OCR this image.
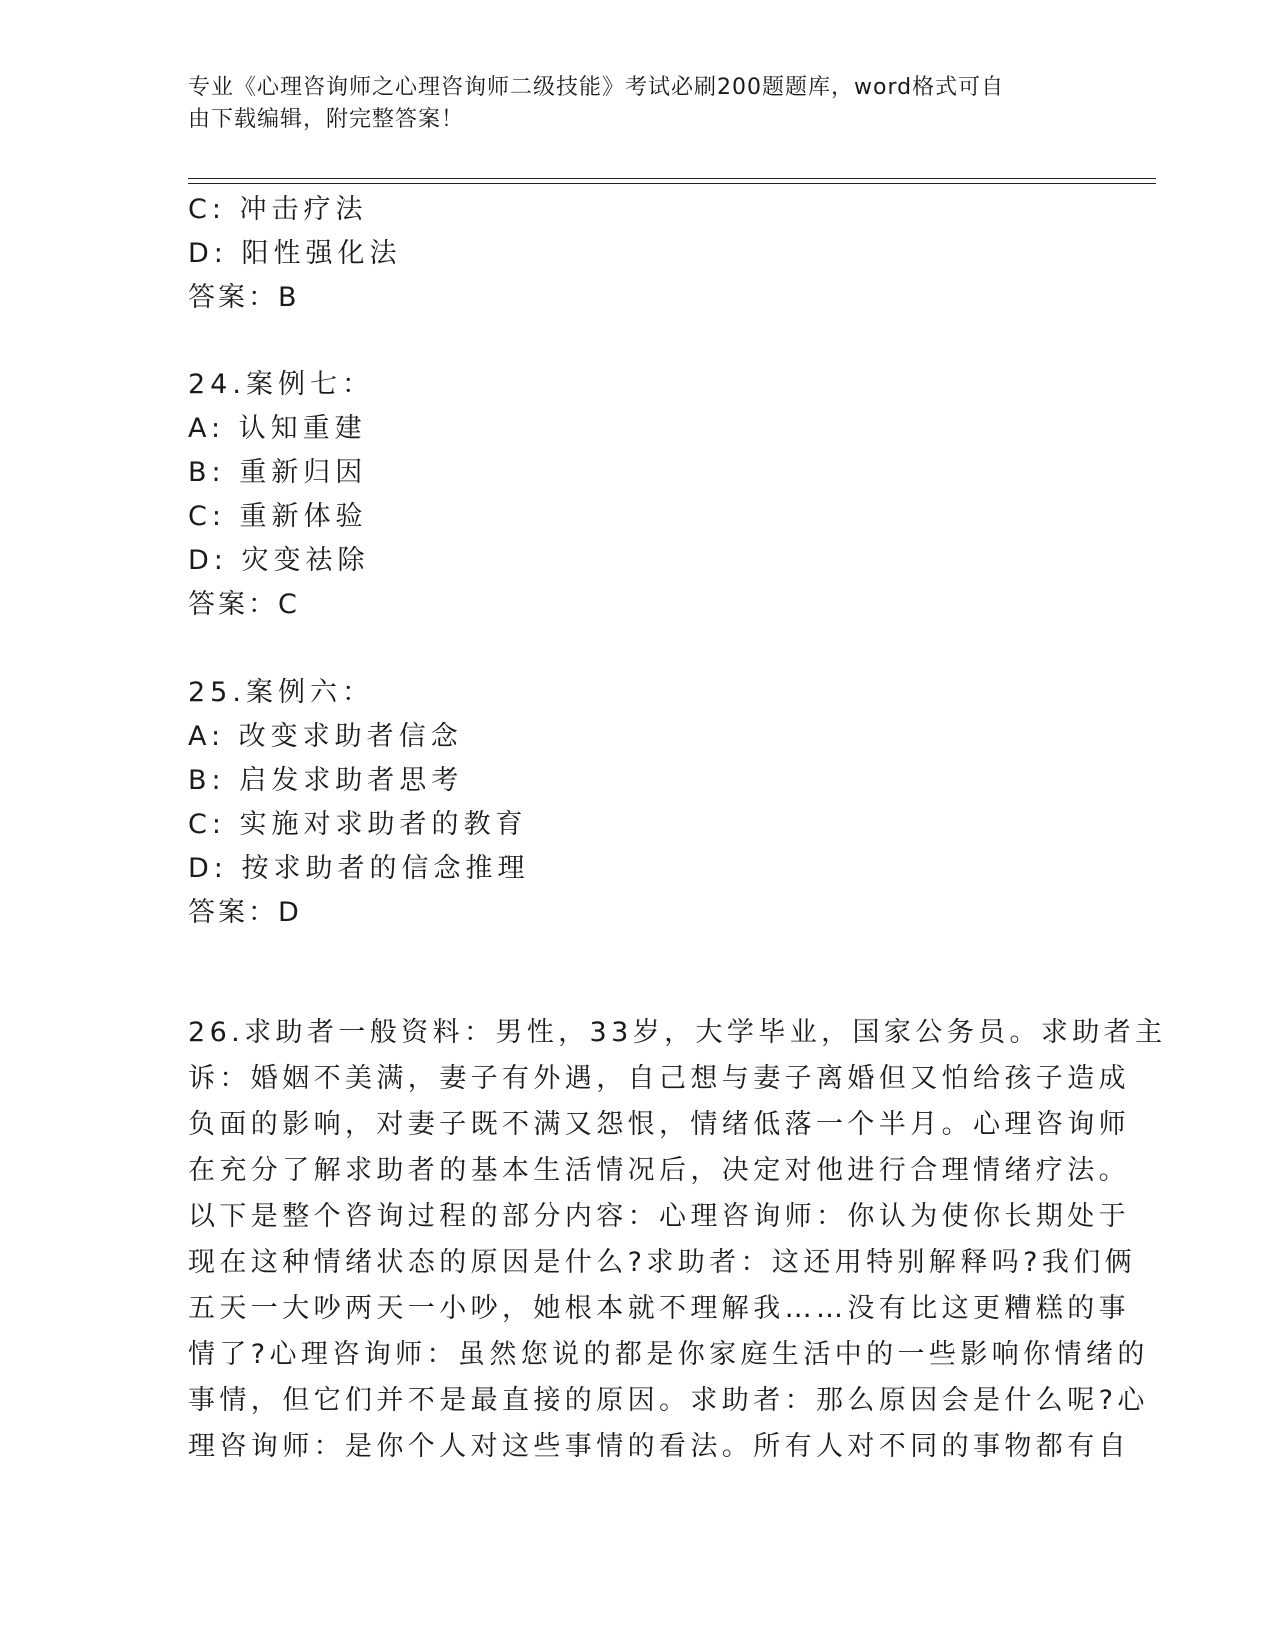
专业《心理咨询师之心理咨询师二级技能》考试必刷200题题库，word格式可自
由下载编辑，附完整答案！
C: 冲击疗法
D: 阳性强化法
答案：B
24.案例七：
A: 认知重建
B: 重新归因
C: 重新体验
D: 灾变祛除
答案：C
25.案例六：
A: 改变求助者信念
B: 启发求助者思考
C: 实施对求助者的教育
D: 按求助者的信念推理
答案：D
26.求助者一般资料：男性，33岁，大学毕业，国家公务员。求助者主
诉：婚姻不美满，妻子有外遇，自己想与妻子离婚但又怕给孩子造成
负面的影响，对妻子既不满又怨恨，情绪低落一个半月。心理咨询师
在充分了解求助者的基本生活情况后，决定对他进行合理情绪疗法。
以下是整个咨询过程的部分内容：心理咨询师：你认为使你长期处于
现在这种情绪状态的原因是什么?求助者：这还用特别解释吗?我们俩
五天一大吵两天一小吵，她根本就不理解我……没有比这更糟糕的事
情了?心理咨询师：虽然您说的都是你家庭生活中的一些影响你情绪的
事情，但它们并不是最直接的原因。求助者：那么原因会是什么呢?心
理咨询师：是你个人对这些事情的看法。所有人对不同的事物都有自
